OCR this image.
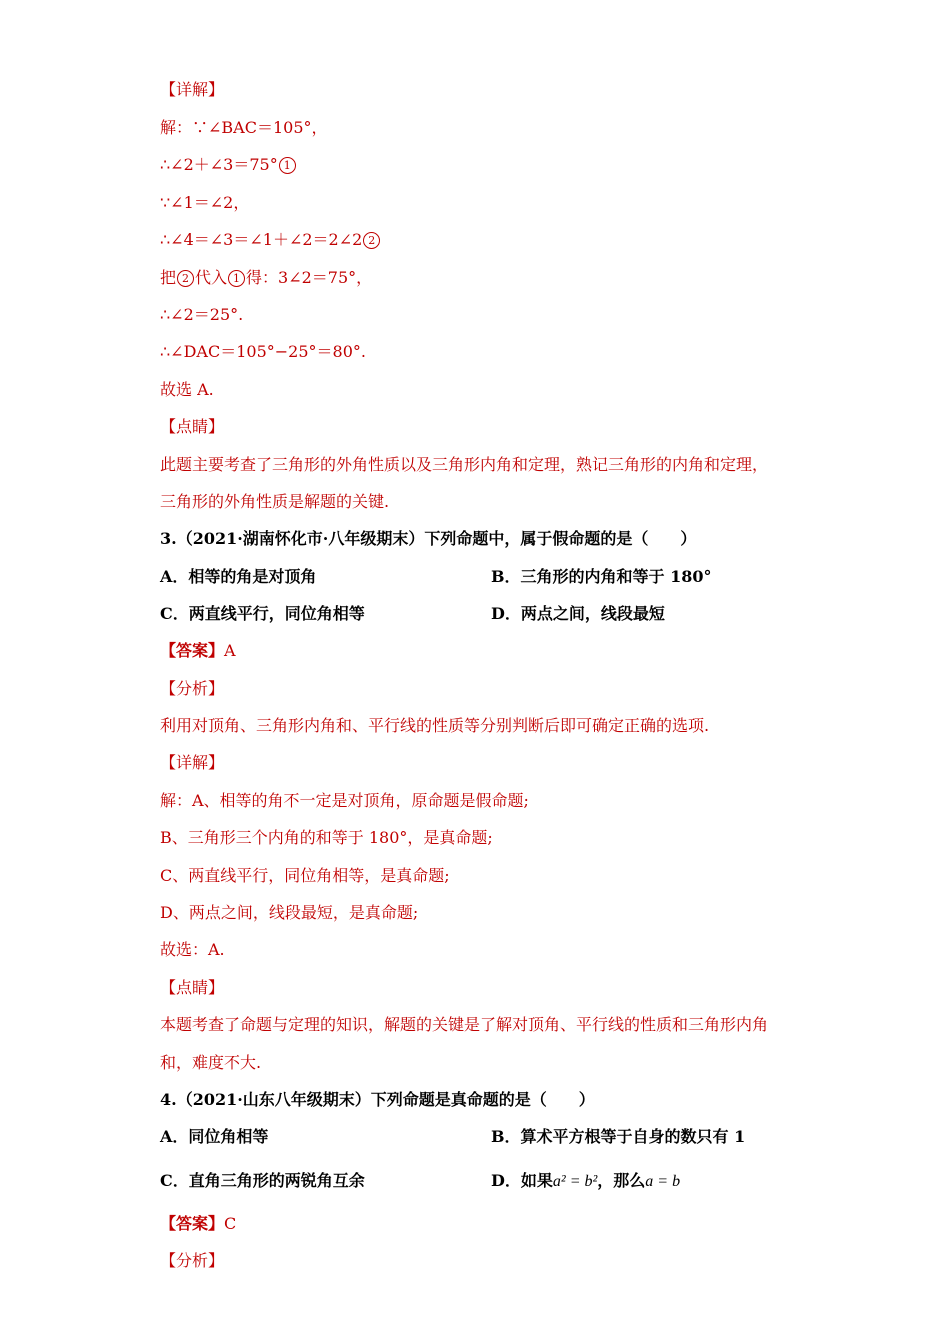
【详解】
解：∵∠BAC＝105°，
∴∠2＋∠3＝75° 1
∵∠1＝∠2，
∴∠4＝∠3＝∠1＋∠2＝2∠2 2
把 2 代入 1 得：3∠2＝75°，
∴∠2＝25°.
∴∠DAC＝105°−25°＝80°.
故选 A.
【点睛】
此题主要考查了三角形的外角性质以及三角形内角和定理，熟记三角形的内角和定理，
三角形的外角性质是解题的关键.
3.（2021·湖南怀化市·八年级期末）下列命题中，属于假命题的是（　　）
A．相等的角是对顶角	B．三角形的内角和等于 180°
C．两直线平行，同位角相等	D．两点之间，线段最短
【答案】A
【分析】
利用对顶角、三角形内角和、平行线的性质等分别判断后即可确定正确的选项.
【详解】
解：A、相等的角不一定是对顶角，原命题是假命题;
B、三角形三个内角的和等于 180°，是真命题;
C、两直线平行，同位角相等，是真命题;
D、两点之间，线段最短，是真命题;
故选：A.
【点睛】
本题考查了命题与定理的知识，解题的关键是了解对顶角、平行线的性质和三角形内角
和，难度不大.
4.（2021·山东八年级期末）下列命题是真命题的是（　　）
A．同位角相等	B．算术平方根等于自身的数只有 1
C．直角三角形的两锐角互余	D．如果a² = b²，那么a = b
【答案】C
【分析】
